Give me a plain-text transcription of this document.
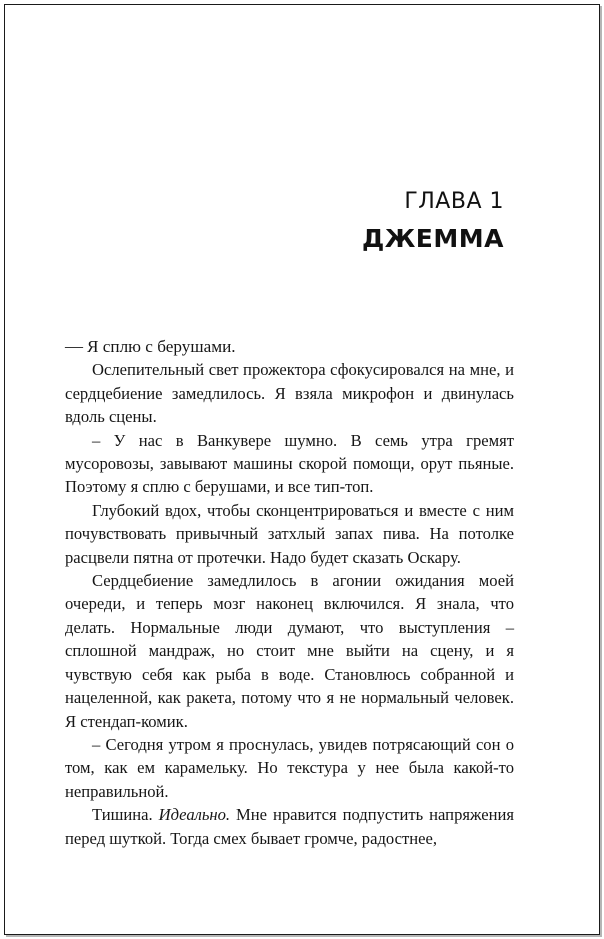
ГЛАВА 1
ДЖЕММА

— Я сплю с берушами.

Ослепительный свет прожектора сфокусировался на мне, и сердцебиение замедлилось. Я взяла микрофон и двинулась вдоль сцены.

– У нас в Ванкувере шумно. В семь утра гремят мусоровозы, завывают машины скорой помощи, орут пьяные. Поэтому я сплю с берушами, и все тип-топ.

Глубокий вдох, чтобы сконцентрироваться и вместе с ним почувствовать привычный затхлый запах пива. На потолке расцвели пятна от протечки. Надо будет сказать Оскару.

Сердцебиение замедлилось в агонии ожидания моей очереди, и теперь мозг наконец включился. Я знала, что делать. Нормальные люди думают, что выступления – сплошной мандраж, но стоит мне выйти на сцену, и я чувствую себя как рыба в воде. Становлюсь собранной и нацеленной, как ракета, потому что я не нормальный человек. Я стендап-комик.

– Сегодня утром я проснулась, увидев потрясающий сон о том, как ем карамельку. Но текстура у нее была какой-то неправильной.

Тишина. Идеально. Мне нравится подпустить напряжения перед шуткой. Тогда смех бывает громче, радостнее,
